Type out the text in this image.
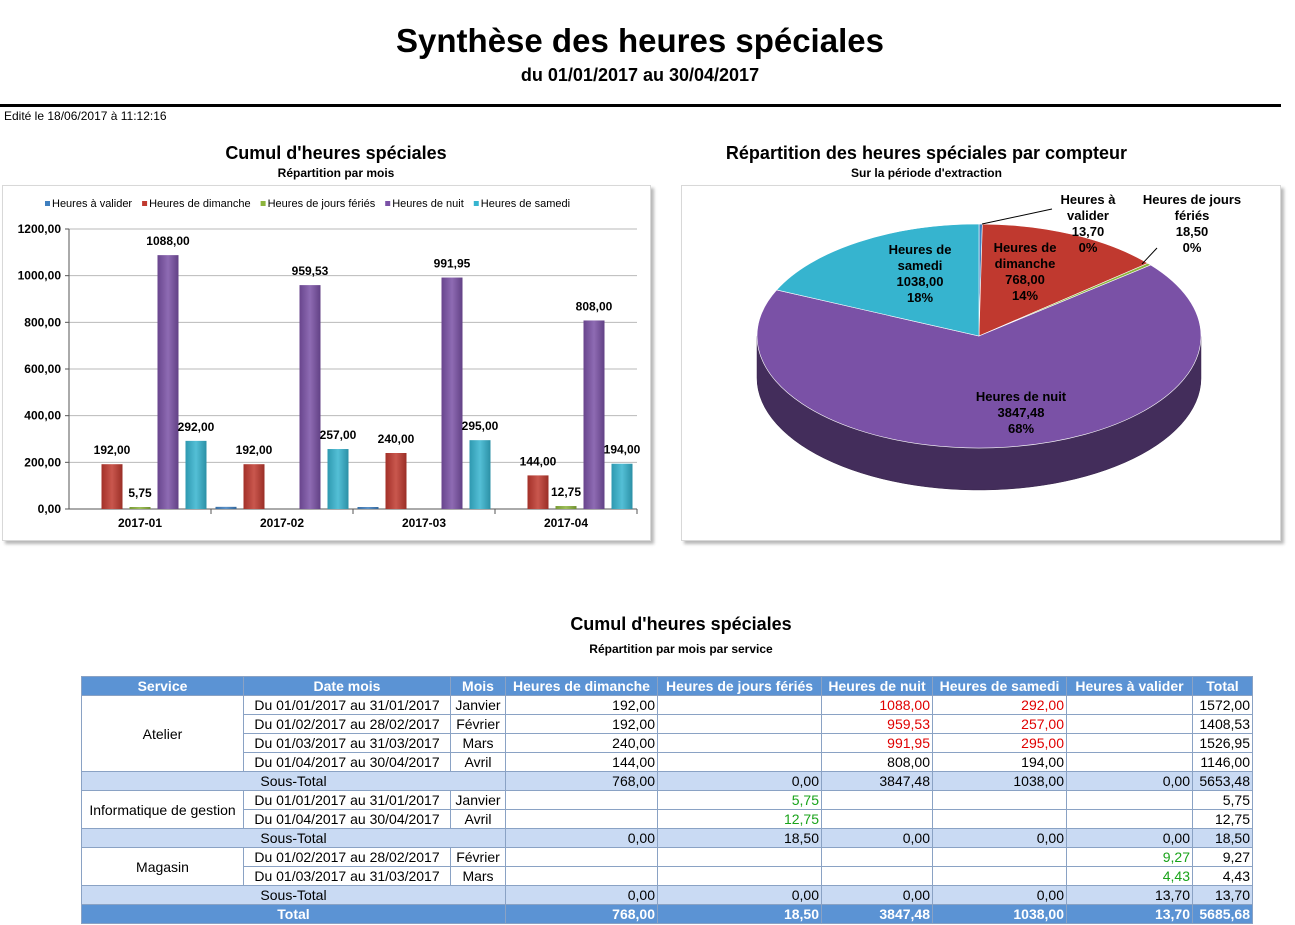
Synthèse des heures spéciales
du 01/01/2017 au 30/04/2017
Edité le 18/06/2017 à 11:12:16
Cumul d'heures spéciales
Répartition par mois
0,00
200,00
400,00
600,00
800,00
1000,00
1200,00
Heures à valider Heures de dimanche Heures de jours fériés Heures de nuit Heures de samedi
2017-01
192,00
5,75
1088,00
292,00
2017-02
192,00
959,53
257,00
2017-03
240,00
991,95
295,00
2017-04
144,00
12,75
808,00
194,00
Répartition des heures spéciales par compteur
Sur la période d'extraction
Heures à valider 13,70 0%
Heures de dimanche 768,00 14%
Heures de jours fériés 18,50 0%
Heures de nuit 3847,48 68%
Heures de samedi 1038,00 18%
Cumul d'heures spéciales
Répartition par mois par service
Service	Date mois	Mois	Heures de dimanche	Heures de jours fériés	Heures de nuit	Heures de samedi	Heures à valider	Total
Atelier	Du 01/01/2017 au 31/01/2017	Janvier	192,00		1088,00	292,00		1572,00
	Du 01/02/2017 au 28/02/2017	Février	192,00		959,53	257,00		1408,53
	Du 01/03/2017 au 31/03/2017	Mars	240,00		991,95	295,00		1526,95
	Du 01/04/2017 au 30/04/2017	Avril	144,00		808,00	194,00		1146,00
Sous-Total			768,00	0,00	3847,48	1038,00	0,00	5653,48
Informatique de gestion	Du 01/01/2017 au 31/01/2017	Janvier		5,75				5,75
	Du 01/04/2017 au 30/04/2017	Avril		12,75				12,75
Sous-Total			0,00	18,50	0,00	0,00	0,00	18,50
Magasin	Du 01/02/2017 au 28/02/2017	Février					9,27	9,27
	Du 01/03/2017 au 31/03/2017	Mars					4,43	4,43
Sous-Total			0,00	0,00	0,00	0,00	13,70	13,70
Total			768,00	18,50	3847,48	1038,00	13,70	5685,68
